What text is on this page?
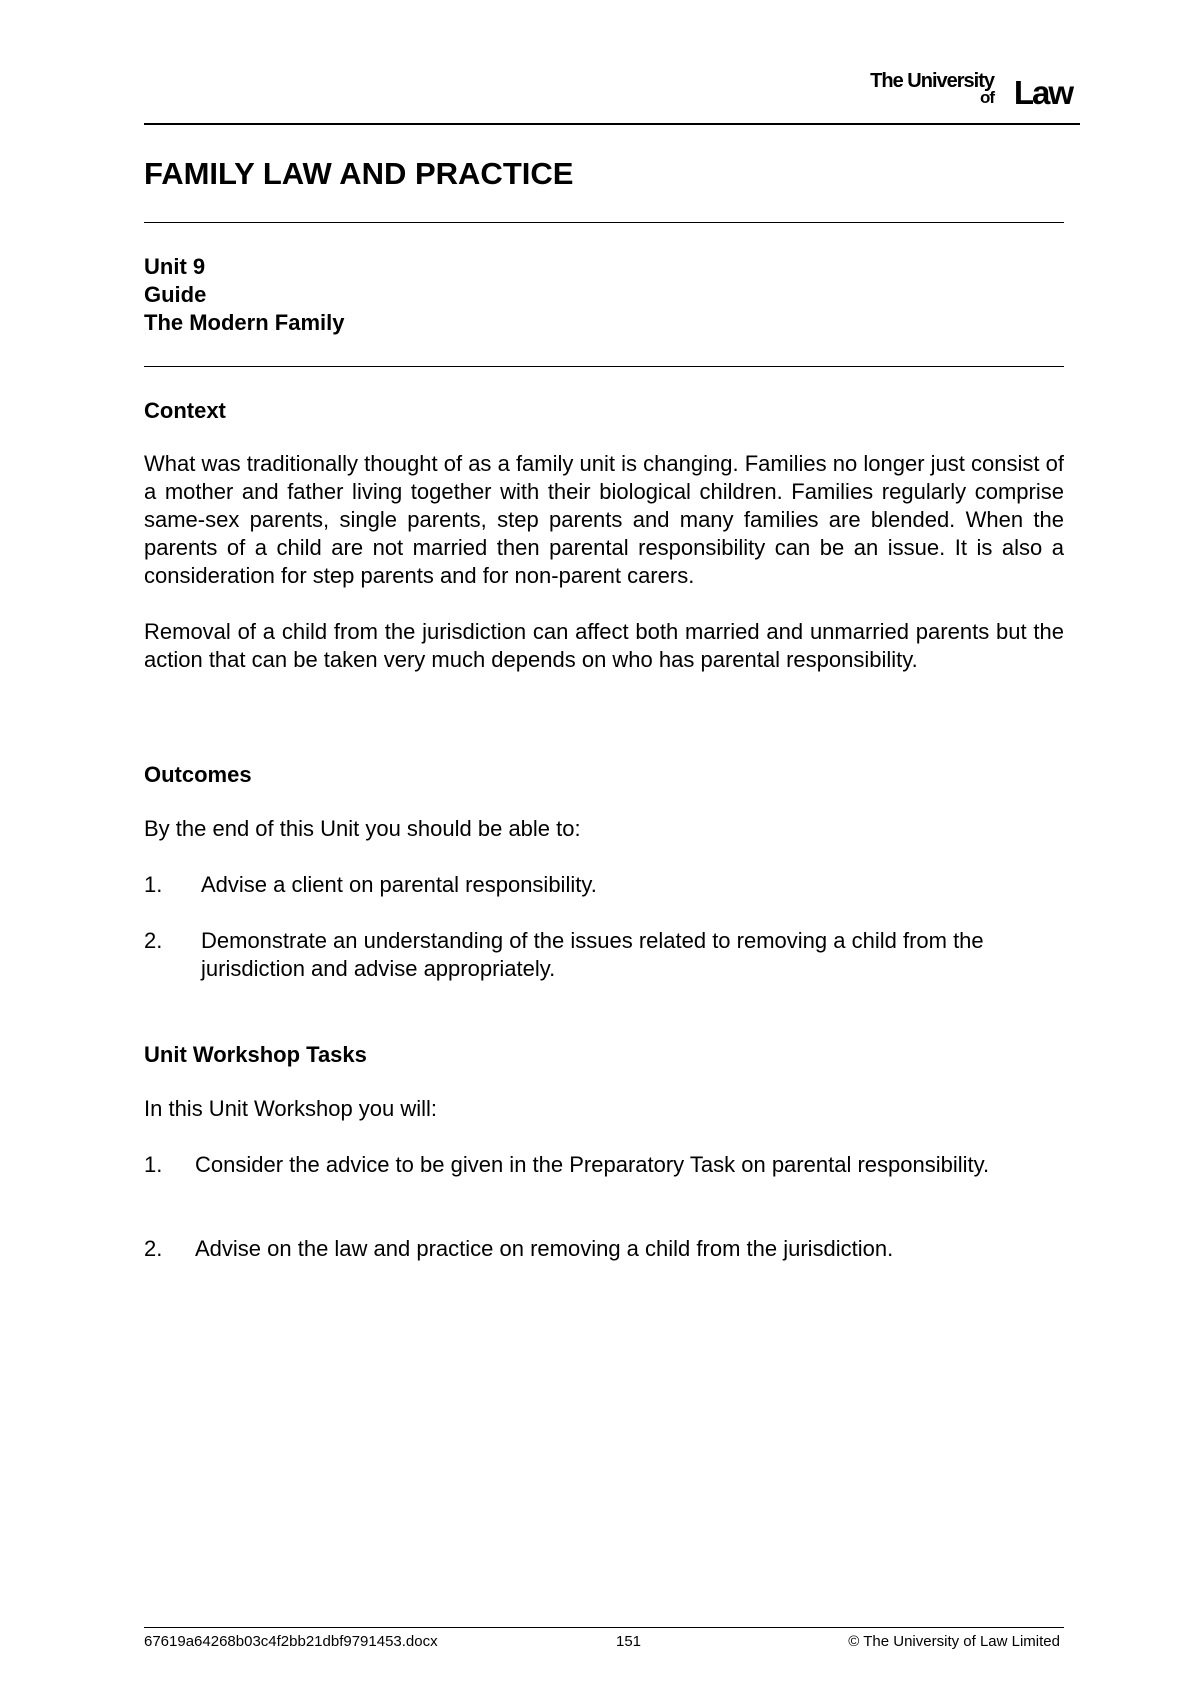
The University
of Law
FAMILY LAW AND PRACTICE
Unit 9
Guide
The Modern Family
Context
What was traditionally thought of as a family unit is changing. Families no longer just consist of a mother and father living together with their biological children. Families regularly comprise same-sex parents, single parents, step parents and many families are blended. When the parents of a child are not married then parental responsibility can be an issue. It is also a consideration for step parents and for non-parent carers.
Removal of a child from the jurisdiction can affect both married and unmarried parents but the action that can be taken very much depends on who has parental responsibility.
Outcomes
By the end of this Unit you should be able to:
1. Advise a client on parental responsibility.
2. Demonstrate an understanding of the issues related to removing a child from the jurisdiction and advise appropriately.
Unit Workshop Tasks
In this Unit Workshop you will:
1. Consider the advice to be given in the Preparatory Task on parental responsibility.
2. Advise on the law and practice on removing a child from the jurisdiction.
67619a64268b03c4f2bb21dbf9791453.docx	151	© The University of Law Limited
